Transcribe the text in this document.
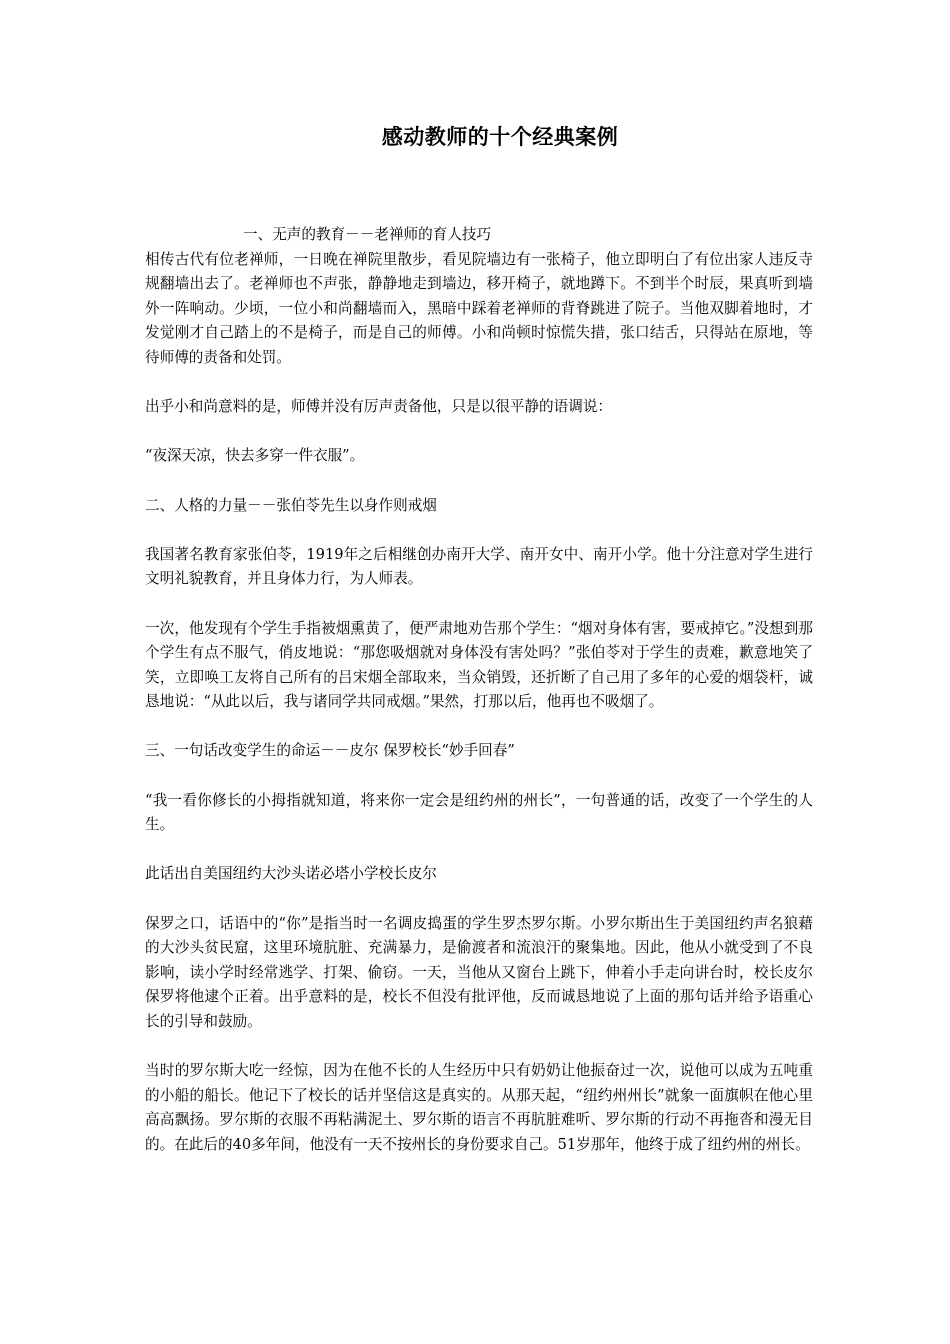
感动教师的十个经典案例

一、无声的教育－－老禅师的育人技巧

相传古代有位老禅师，一日晚在禅院里散步，看见院墙边有一张椅子，他立即明白了有位出家人违反寺规翻墙出去了。老禅师也不声张，静静地走到墙边，移开椅子，就地蹲下。不到半个时辰，果真听到墙外一阵响动。少顷，一位小和尚翻墙而入，黑暗中踩着老禅师的背脊跳进了院子。当他双脚着地时，才发觉刚才自己踏上的不是椅子，而是自己的师傅。小和尚顿时惊慌失措，张口结舌，只得站在原地，等待师傅的责备和处罚。

出乎小和尚意料的是，师傅并没有厉声责备他，只是以很平静的语调说：

“夜深天凉，快去多穿一件衣服”。

二、人格的力量－－张伯苓先生以身作则戒烟

我国著名教育家张伯苓，1919年之后相继创办南开大学、南开女中、南开小学。他十分注意对学生进行文明礼貌教育，并且身体力行，为人师表。

一次，他发现有个学生手指被烟熏黄了，便严肃地劝告那个学生：“烟对身体有害，要戒掉它。”没想到那个学生有点不服气，俏皮地说：“那您吸烟就对身体没有害处吗？”张伯苓对于学生的责难，歉意地笑了笑，立即唤工友将自己所有的吕宋烟全部取来，当众销毁，还折断了自己用了多年的心爱的烟袋杆，诚恳地说：“从此以后，我与诸同学共同戒烟。”果然，打那以后，他再也不吸烟了。

三、一句话改变学生的命运－－皮尔 保罗校长“妙手回春”

“我一看你修长的小拇指就知道，将来你一定会是纽约州的州长”，一句普通的话，改变了一个学生的人生。

此话出自美国纽约大沙头诺必塔小学校长皮尔

保罗之口，话语中的“你”是指当时一名调皮捣蛋的学生罗杰罗尔斯。小罗尔斯出生于美国纽约声名狼藉的大沙头贫民窟，这里环境肮脏、充满暴力，是偷渡者和流浪汗的聚集地。因此，他从小就受到了不良影响，读小学时经常逃学、打架、偷窃。一天，当他从又窗台上跳下，伸着小手走向讲台时，校长皮尔保罗将他逮个正着。出乎意料的是，校长不但没有批评他，反而诚恳地说了上面的那句话并给予语重心长的引导和鼓励。

当时的罗尔斯大吃一经惊，因为在他不长的人生经历中只有奶奶让他振奋过一次，说他可以成为五吨重的小船的船长。他记下了校长的话并坚信这是真实的。从那天起，“纽约州州长”就象一面旗帜在他心里高高飘扬。罗尔斯的衣服不再粘满泥土、罗尔斯的语言不再肮脏难听、罗尔斯的行动不再拖沓和漫无目的。在此后的40多年间，他没有一天不按州长的身份要求自己。51岁那年，他终于成了纽约州的州长。
